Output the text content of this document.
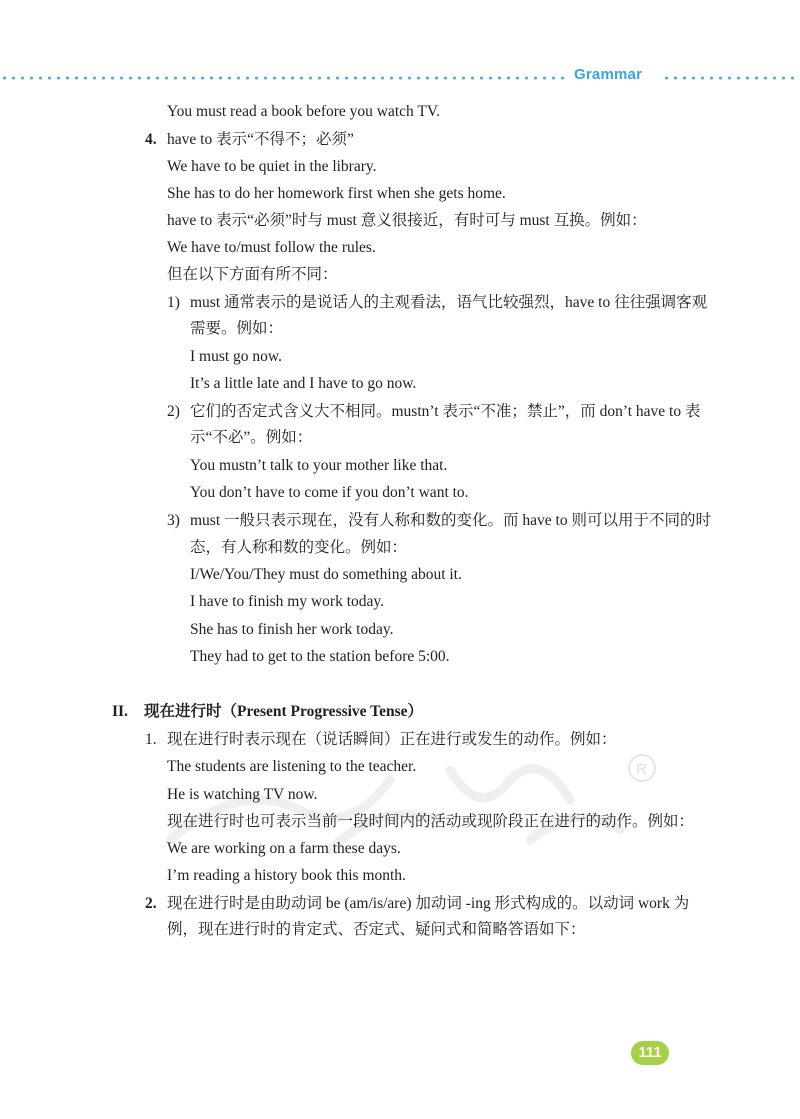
Grammar
You must read a book before you watch TV.
4. have to 表示“不得不；必须”
We have to be quiet in the library.
She has to do her homework first when she gets home.
have to 表示“必须”时与 must 意义很接近，有时可与 must 互换。例如：
We have to/must follow the rules.
但在以下方面有所不同：
1) must 通常表示的是说话人的主观看法，语气比较强烈，have to 往往强调客观
需要。例如：
I must go now.
It’s a little late and I have to go now.
2) 它们的否定式含义大不相同。mustn’t 表示“不准；禁止”，而 don’t have to 表
示“不必”。例如：
You mustn’t talk to your mother like that.
You don’t have to come if you don’t want to.
3) must 一般只表示现在，没有人称和数的变化。而 have to 则可以用于不同的时
态，有人称和数的变化。例如：
I/We/You/They must do something about it.
I have to finish my work today.
She has to finish her work today.
They had to get to the station before 5:00.
II. 现在进行时（Present Progressive Tense）
R
1. 现在进行时表示现在（说话瞬间）正在进行或发生的动作。例如：
The students are listening to the teacher.
He is watching TV now.
现在进行时也可表示当前一段时间内的活动或现阶段正在进行的动作。例如：
We are working on a farm these days.
I’m reading a history book this month.
2. 现在进行时是由助动词 be (am/is/are) 加动词 -ing 形式构成的。以动词 work 为
例，现在进行时的肯定式、否定式、疑问式和简略答语如下：
111
